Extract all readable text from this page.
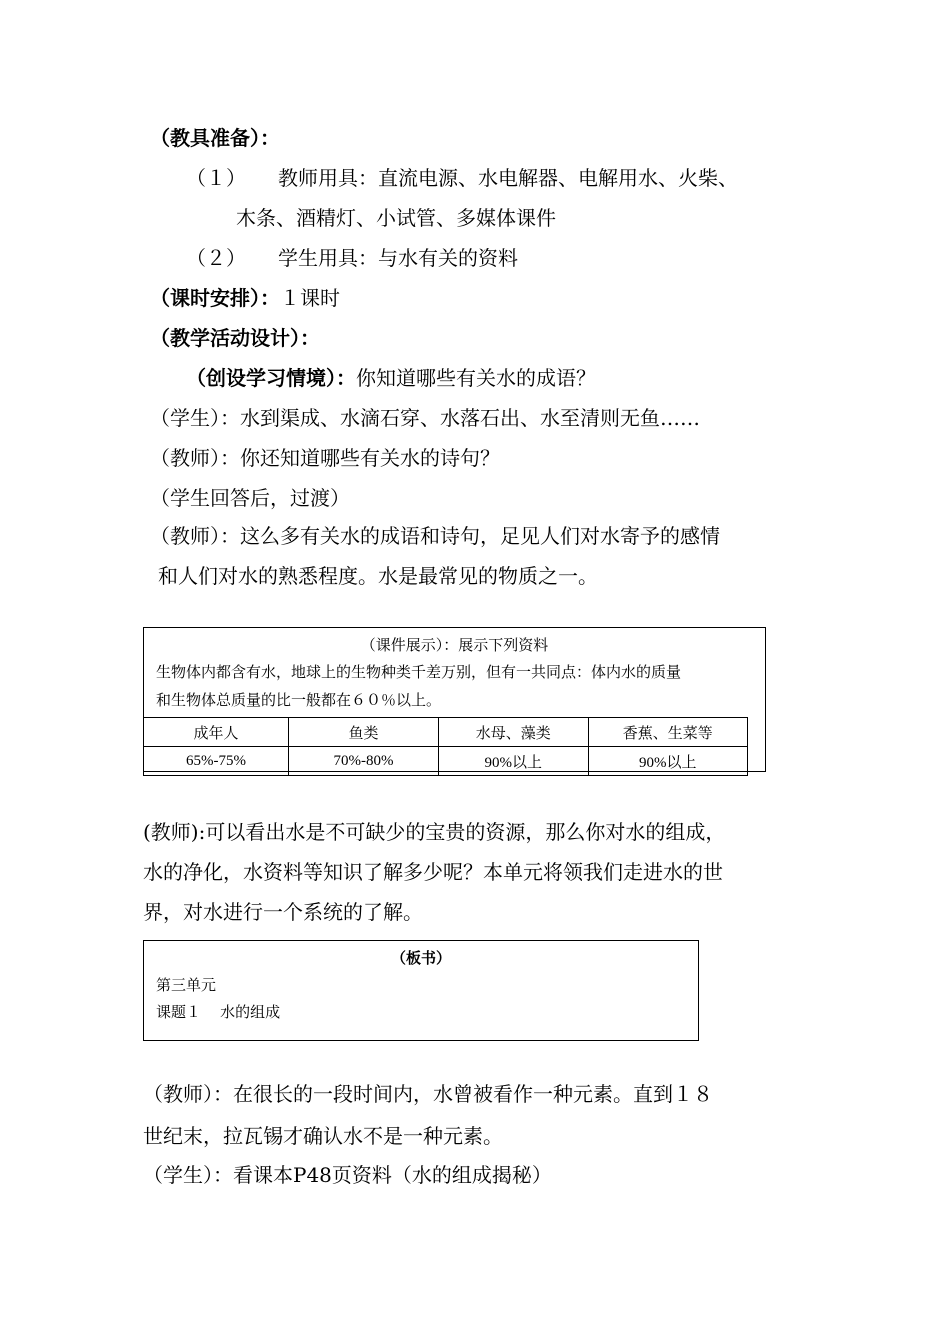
（教具准备）：
（１） 教师用具：直流电源、水电解器、电解用水、火柴、
木条、酒精灯、小试管、多媒体课件
（２） 学生用具：与水有关的资料
（课时安排）：１课时
（教学活动设计）：
（创设学习情境）：你知道哪些有关水的成语？
（学生）：水到渠成、水滴石穿、水落石出、水至清则无鱼……
（教师）：你还知道哪些有关水的诗句？
（学生回答后，过渡）
（教师）：这么多有关水的成语和诗句，足见人们对水寄予的感情
和人们对水的熟悉程度。水是最常见的物质之一。
（课件展示）：展示下列资料
生物体内都含有水，地球上的生物种类千差万别，但有一共同点：体内水的质量
和生物体总质量的比一般都在６０％以上。
成年人	鱼类	水母、藻类	香蕉、生菜等
65%-75%	70%-80%	90%以上	90%以上
(教师):可以看出水是不可缺少的宝贵的资源，那么你对水的组成，
水的净化，水资料等知识了解多少呢？本单元将领我们走进水的世
界，对水进行一个系统的了解。
（板书）
第三单元
课题１    水的组成
（教师）：在很长的一段时间内，水曾被看作一种元素。直到１８
世纪末，拉瓦锡才确认水不是一种元素。
（学生）：看课本P48页资料（水的组成揭秘）
